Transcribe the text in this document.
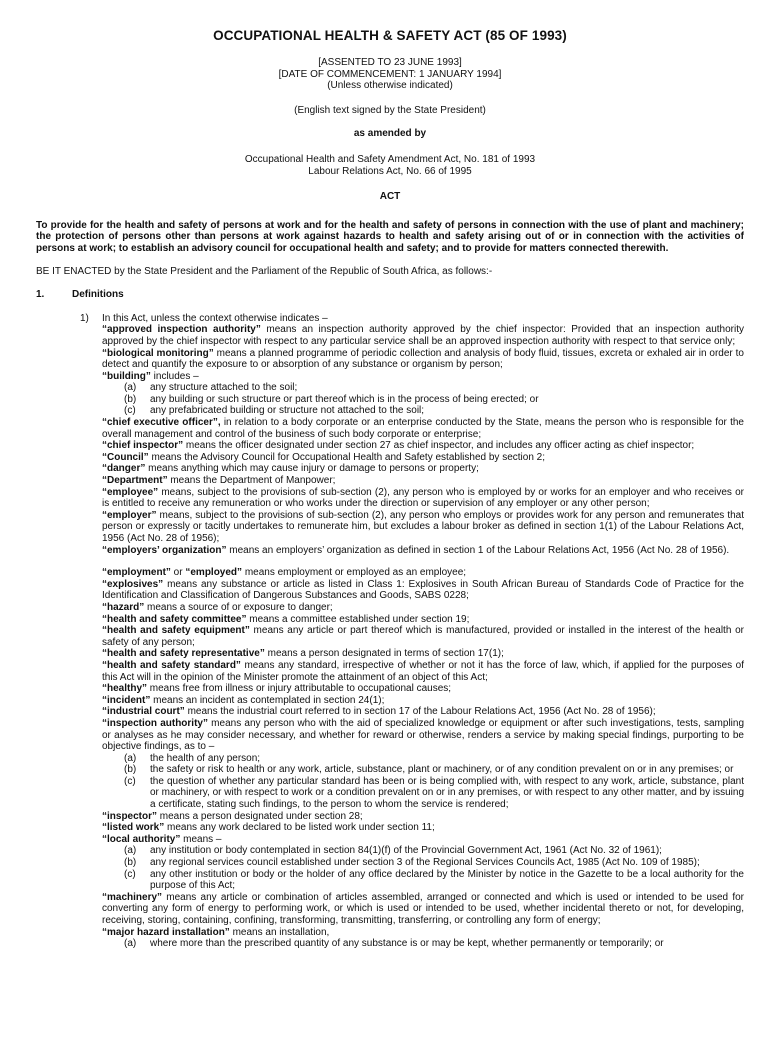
OCCUPATIONAL HEALTH & SAFETY ACT (85 OF 1993)
[ASSENTED TO 23 JUNE 1993]
[DATE OF COMMENCEMENT: 1 JANUARY 1994]
(Unless otherwise indicated)
(English text signed by the State President)
as amended by
Occupational Health and Safety Amendment Act, No. 181 of 1993
Labour Relations Act, No. 66 of 1995
ACT
To provide for the health and safety of persons at work and for the health and safety of persons in connection with the use of plant and machinery; the protection of persons other than persons at work against hazards to health and safety arising out of or in connection with the activities of persons at work; to establish an advisory council for occupational health and safety; and to provide for matters connected therewith.
BE IT ENACTED by the State President and the Parliament of the Republic of South Africa, as follows:-
1.	Definitions
1)	In this Act, unless the context otherwise indicates –
“approved inspection authority” means an inspection authority approved by the chief inspector: Provided that an inspection authority approved by the chief inspector with respect to any particular service shall be an approved inspection authority with respect to that service only;
“biological monitoring” means a planned programme of periodic collection and analysis of body fluid, tissues, excreta or exhaled air in order to detect and quantify the exposure to or absorption of any substance or organism by person;
“building” includes –
(a)	any structure attached to the soil;
(b)	any building or such structure or part thereof which is in the process of being erected; or
(c)	any prefabricated building or structure not attached to the soil;
“chief executive officer”, in relation to a body corporate or an enterprise conducted by the State, means the person who is responsible for the overall management and control of the business of such body corporate or enterprise;
“chief inspector” means the officer designated under section 27 as chief inspector, and includes any officer acting as chief inspector;
“Council” means the Advisory Council for Occupational Health and Safety established by section 2;
“danger” means anything which may cause injury or damage to persons or property;
“Department” means the Department of Manpower;
“employee” means, subject to the provisions of sub-section (2), any person who is employed by or works for an employer and who receives or is entitled to receive any remuneration or who works under the direction or supervision of any employer or any other person;
“employer” means, subject to the provisions of sub-section (2), any person who employs or provides work for any person and remunerates that person or expressly or tacitly undertakes to remunerate him, but excludes a labour broker as defined in section 1(1) of the Labour Relations Act, 1956 (Act No. 28 of 1956);
“employers’ organization” means an employers’ organization as defined in section 1 of the Labour Relations Act, 1956 (Act No. 28 of 1956).
“employment” or “employed” means employment or employed as an employee;
“explosives” means any substance or article as listed in Class 1: Explosives in South African Bureau of Standards Code of Practice for the Identification and Classification of Dangerous Substances and Goods, SABS 0228;
“hazard” means a source of or exposure to danger;
“health and safety committee” means a committee established under section 19;
“health and safety equipment” means any article or part thereof which is manufactured, provided or installed in the interest of the health or safety of any person;
“health and safety representative” means a person designated in terms of section 17(1);
“health and safety standard” means any standard, irrespective of whether or not it has the force of law, which, if applied for the purposes of this Act will in the opinion of the Minister promote the attainment of an object of this Act;
“healthy” means free from illness or injury attributable to occupational causes;
“incident” means an incident as contemplated in section 24(1);
“industrial court” means the industrial court referred to in section 17 of the Labour Relations Act, 1956 (Act No. 28 of 1956);
“inspection authority” means any person who with the aid of specialized knowledge or equipment or after such investigations, tests, sampling or analyses as he may consider necessary, and whether for reward or otherwise, renders a service by making special findings, purporting to be objective findings, as to –
(a)	the health of any person;
(b)	the safety or risk to health or any work, article, substance, plant or machinery, or of any condition prevalent on or in any premises; or
(c)	the question of whether any particular standard has been or is being complied with, with respect to any work, article, substance, plant or machinery, or with respect to work or a condition prevalent on or in any premises, or with respect to any other matter, and by issuing a certificate, stating such findings, to the person to whom the service is rendered;
“inspector” means a person designated under section 28;
“listed work” means any work declared to be listed work under section 11;
“local authority” means –
(a)	any institution or body contemplated in section 84(1)(f) of the Provincial Government Act, 1961 (Act No. 32 of 1961);
(b)	any regional services council established under section 3 of the Regional Services Councils Act, 1985 (Act No. 109 of 1985);
(c)	any other institution or body or the holder of any office declared by the Minister by notice in the Gazette to be a local authority for the purpose of this Act;
“machinery” means any article or combination of articles assembled, arranged or connected and which is used or intended to be used for converting any form of energy to performing work, or which is used or intended to be used, whether incidental thereto or not, for developing, receiving, storing, containing, confining, transforming, transmitting, transferring, or controlling any form of energy;
“major hazard installation” means an installation,
(a)	where more than the prescribed quantity of any substance is or may be kept, whether permanently or temporarily; or
